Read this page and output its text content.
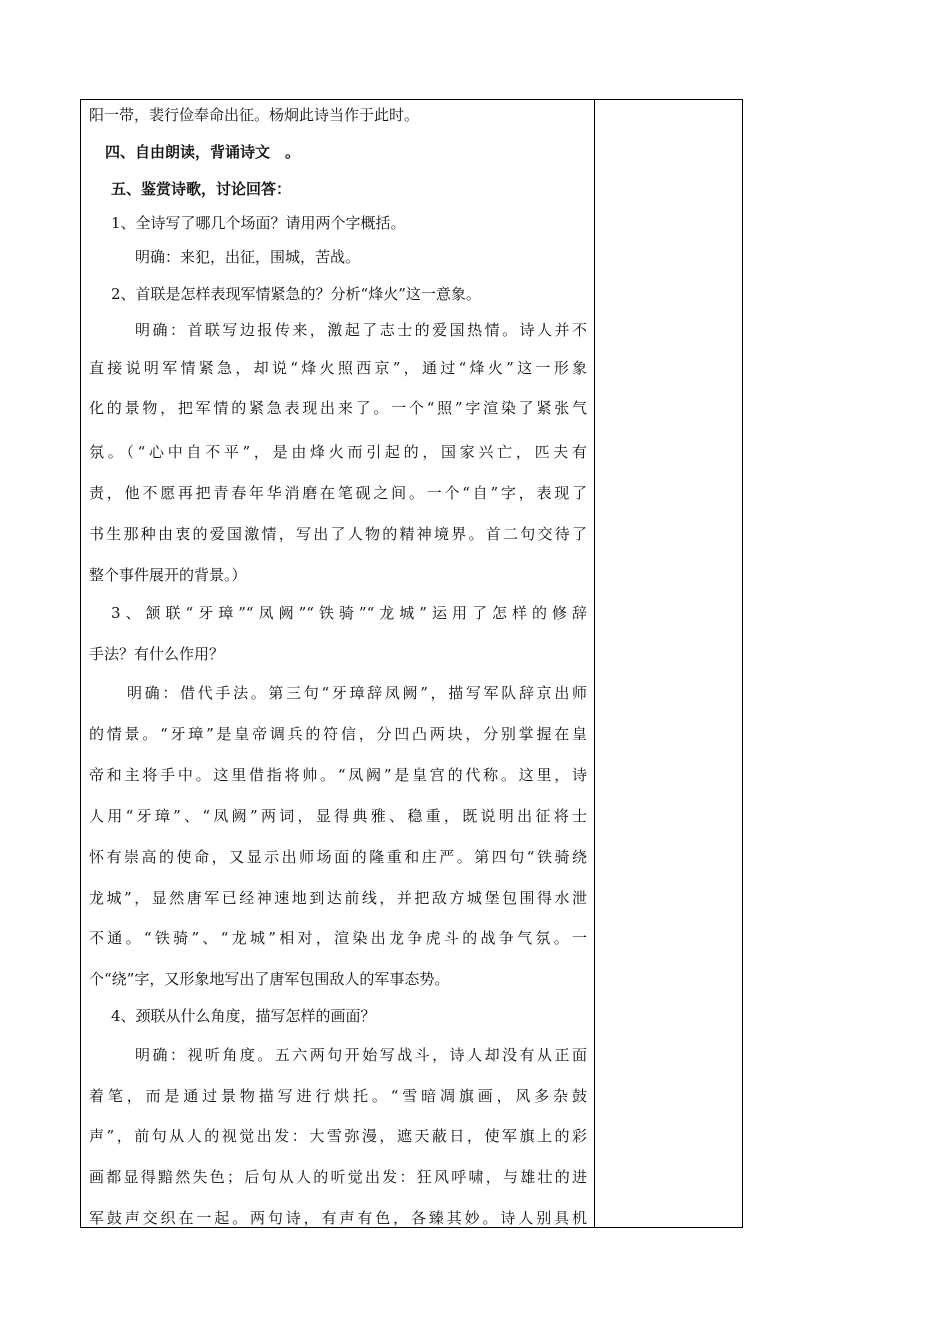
阳一带，裴行俭奉命出征。杨炯此诗当作于此时。
四、自由朗读，背诵诗文　。
五、鉴赏诗歌，讨论回答：
1、全诗写了哪几个场面？请用两个字概括。
明确：来犯，出征，围城，苦战。
2、首联是怎样表现军情紧急的？分析“烽火”这一意象。
明确：首联写边报传来，激起了志士的爱国热情。诗人并不
直接说明军情紧急，却说“烽火照西京”，通过“烽火”这一形象
化的景物，把军情的紧急表现出来了。一个“照”字渲染了紧张气
氛。（“心中自不平”，是由烽火而引起的，国家兴亡，匹夫有
责，他不愿再把青春年华消磨在笔砚之间。一个“自”字，表现了
书生那种由衷的爱国激情，写出了人物的精神境界。首二句交待了
整个事件展开的背景。）
3、颔联“牙璋”“凤阙”“铁骑”“龙城”运用了怎样的修辞
手法？有什么作用？
明确：借代手法。第三句“牙璋辞凤阙”，描写军队辞京出师
的情景。“牙璋”是皇帝调兵的符信，分凹凸两块，分别掌握在皇
帝和主将手中。这里借指将帅。“凤阙”是皇宫的代称。这里，诗
人用“牙璋”、“凤阙”两词，显得典雅、稳重，既说明出征将士
怀有崇高的使命，又显示出师场面的隆重和庄严。第四句“铁骑绕
龙城”，显然唐军已经神速地到达前线，并把敌方城堡包围得水泄
不通。“铁骑”、“龙城”相对，渲染出龙争虎斗的战争气氛。一
个“绕”字，又形象地写出了唐军包围敌人的军事态势。
4、颈联从什么角度，描写怎样的画面？
明确：视听角度。五六两句开始写战斗，诗人却没有从正面
着笔，而是通过景物描写进行烘托。“雪暗凋旗画，风多杂鼓
声”，前句从人的视觉出发：大雪弥漫，遮天蔽日，使军旗上的彩
画都显得黯然失色；后句从人的听觉出发：狂风呼啸，与雄壮的进
军鼓声交织在一起。两句诗，有声有色，各臻其妙。诗人别具机
